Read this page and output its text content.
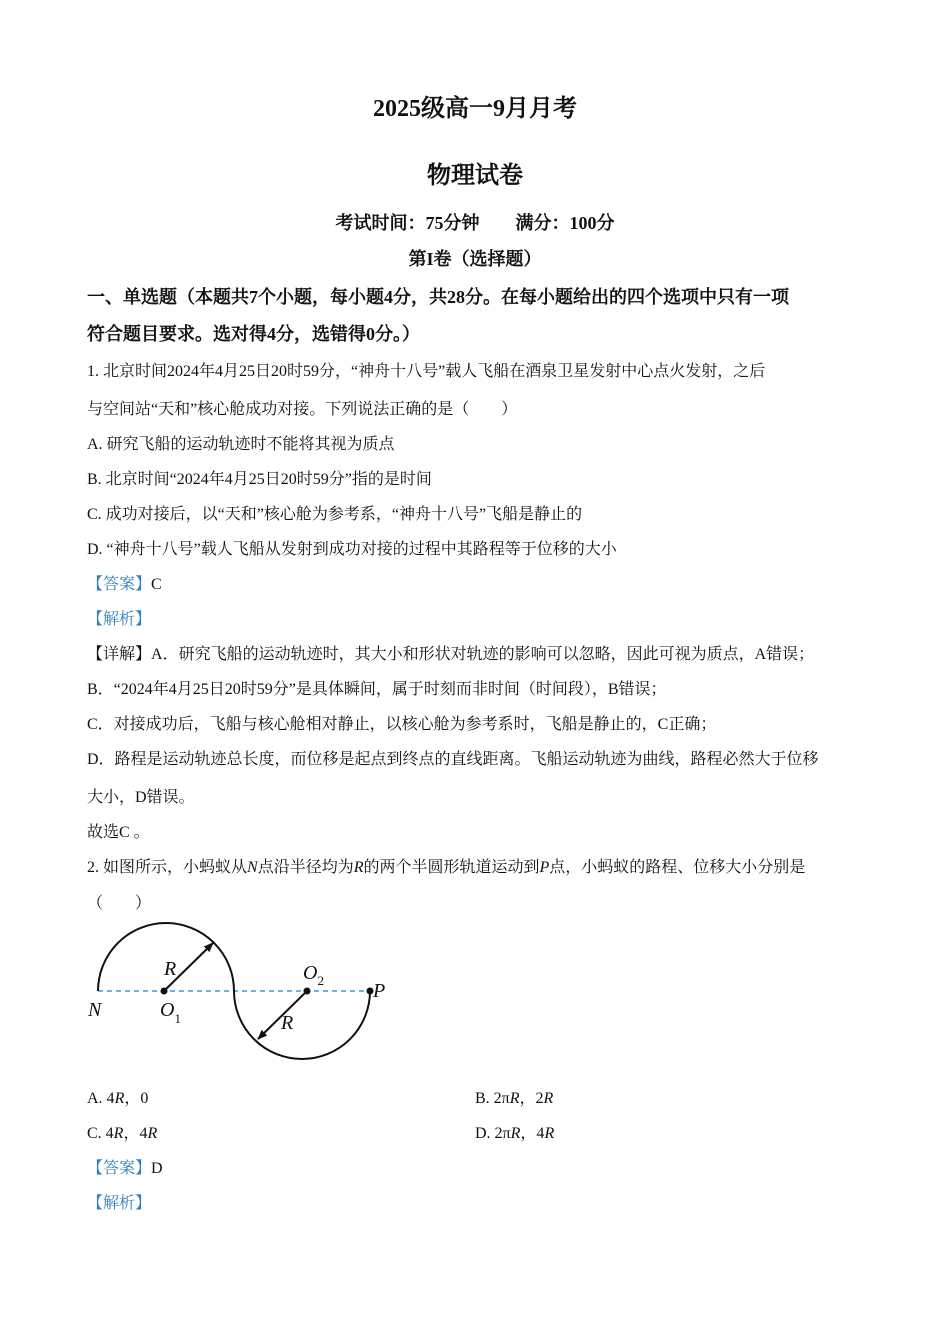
2025级高一9月月考
物理试卷
考试时间：75分钟 满分：100分
第I卷（选择题）
一、单选题（本题共7个小题，每小题4分，共28分。在每小题给出的四个选项中只有一项
符合题目要求。选对得4分，选错得0分。）
1. 北京时间2024年4月25日20时59分，“神舟十八号”载人飞船在酒泉卫星发射中心点火发射，之后
与空间站“天和”核心舱成功对接。下列说法正确的是（　　）
A. 研究飞船的运动轨迹时不能将其视为质点
B. 北京时间“2024年4月25日20时59分”指的是时间
C. 成功对接后，以“天和”核心舱为参考系，“神舟十八号”飞船是静止的
D. “神舟十八号”载人飞船从发射到成功对接的过程中其路程等于位移的大小
【答案】C
【解析】
【详解】A．研究飞船的运动轨迹时，其大小和形状对轨迹的影响可以忽略，因此可视为质点，A错误；
B．“2024年4月25日20时59分”是具体瞬间，属于时刻而非时间（时间段），B错误；
C．对接成功后，飞船与核心舱相对静止，以核心舱为参考系时，飞船是静止的，C正确；
D．路程是运动轨迹总长度，而位移是起点到终点的直线距离。飞船运动轨迹为曲线，路程必然大于位移
大小，D错误。
故选C 。
2. 如图所示，小蚂蚁从N点沿半径均为R的两个半圆形轨道运动到P点，小蚂蚁的路程、位移大小分别是
（　　）
R
N	$O_1$
$O_2$ P
R
A. 4R，0	B. 2πR，2R
C. 4R，4R	D. 2πR，4R
【答案】D
【解析】
